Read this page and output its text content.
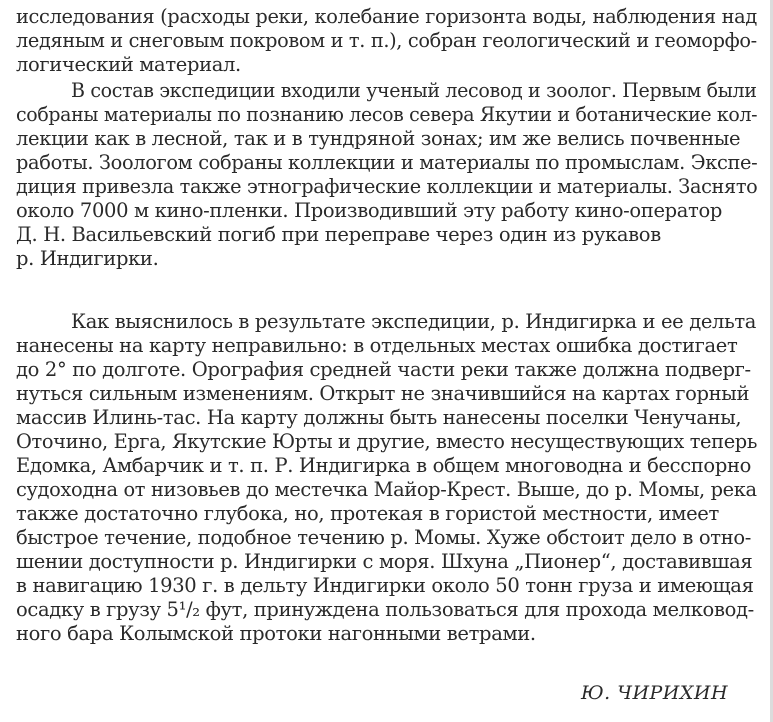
исследования (расходы реки, колебание горизонта воды, наблюдения над
ледяным и снеговым покровом и т. п.), собран геологический и геоморфо-
логический материал.
В состав экспедиции входили ученый лесовод и зоолог. Первым были
собраны материалы по познанию лесов севера Якутии и ботанические кол-
лекции как в лесной, так и в тундряной зонах; им же велись почвенные
работы. Зоологом собраны коллекции и материалы по промыслам. Экспе-
диция привезла также этнографические коллекции и материалы. Заснято
около 7000 м кино-пленки. Производивший эту работу кино-оператор
Д. Н. Васильевский погиб при переправе через один из рукавов
р. Индигирки.
Как выяснилось в результате экспедиции, р. Индигирка и ее дельта
нанесены на карту неправильно: в отдельных местах ошибка достигает
до 2° по долготе. Орография средней части реки также должна подверг-
нуться сильным изменениям. Открыт не значившийся на картах горный
массив Илинь-тас. На карту должны быть нанесены поселки Ченучаны,
Оточино, Ерга, Якутские Юрты и другие, вместо несуществующих теперь
Едомка, Амбарчик и т. п. Р. Индигирка в общем многоводна и бесспорно
судоходна от низовьев до местечка Майор-Крест. Выше, до р. Момы, река
также достаточно глубока, но, протекая в гористой местности, имеет
быстрое течение, подобное течению р. Момы. Хуже обстоит дело в отно-
шении доступности р. Индигирки с моря. Шхуна „Пионер“, доставившая
в навигацию 1930 г. в дельту Индигирки около 50 тонн груза и имеющая
осадку в грузу 5¹/₂ фут, принуждена пользоваться для прохода мелковод-
ного бара Колымской протоки нагонными ветрами.
Ю. ЧИРИХИН
